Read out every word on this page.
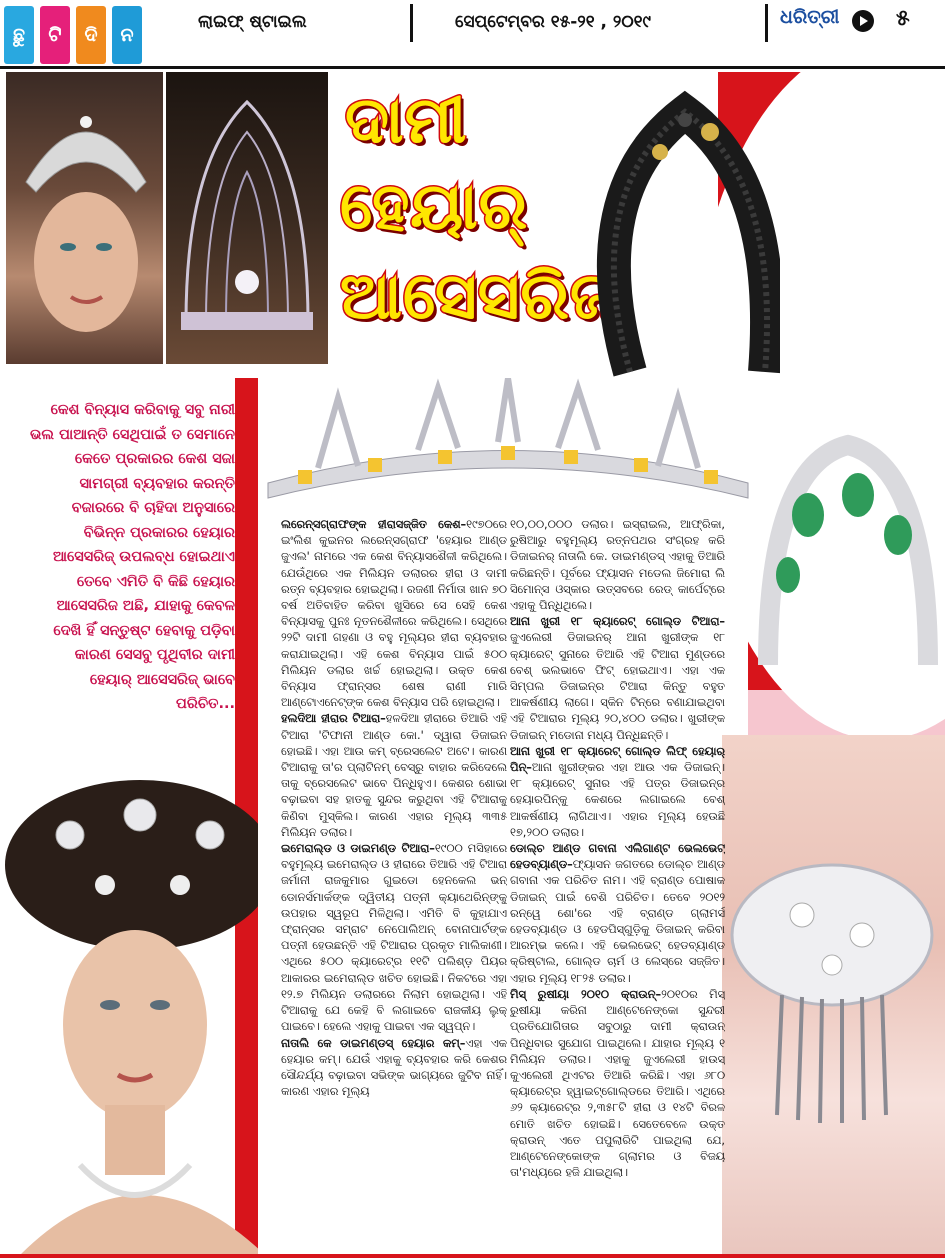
ଛୁ	ଟି	ଦି	ନ
ଲାଇଫ୍ ଷ୍ଟାଇଲ	ସେପ୍ଟେମ୍ବର ୧୫-୨୧ , ୨୦୧୯	ଧରିତ୍ରୀ	୫
ଦାମୀ
ହେୟାର୍
ଆସେସରିଜ୍
କେଶ ବିନ୍ୟାସ କରିବାକୁ ସବୁ ନାରୀ ଭଲ ପାଆନ୍ତି ସେଥିପାଇଁ ତ ସେମାନେ କେତେ ପ୍ରକାରର କେଶ ସଜା ସାମଗ୍ରୀ ବ୍ୟବହାର କରନ୍ତି ବଜାରରେ ବି ଚାହିଦା ଅନୁସାରେ ବିଭିନ୍ନ ପ୍ରକାରର ହେୟାର ଆସେସରିଜ୍ ଉପଲବ୍ଧ ହୋଇଥାଏ ତେବେ ଏମିତି ବି କିଛି ହେୟାର ଆସେସରିଜ ଅଛି, ଯାହାକୁ କେବଳ ଦେଖି ହିଁ ସନ୍ତୁଷ୍ଟ ହେବାକୁ ପଡ଼ିବା କାରଣ ସେସବୁ ପୃଥିବୀର ଦାମୀ ହେୟାର୍ ଆସେସରିଜ୍ ଭାବେ ପରିଚିତ...

ଲରେନ୍ସଗ୍ରାଫଙ୍କ ହୀରାସଜ୍ଜିତ କେଶ–୧୯୭୦ରେ ଇଂଲିଶ କୁଇନର ଲରେନ୍ସଗ୍ରାଫ 'ହେୟାର ଆଣ୍ଡ ଜୁଏଲ' ନାମରେ ଏକ କେଶ ବିନ୍ୟାସଶୈଳୀ କରିଥିଲେ। ଯେଉଁଥିରେ ଏକ ମିଲିୟନ ଡଲାରର ହୀରା ଓ ଦାମୀ ରତ୍ନ ବ୍ୟବହାର ହୋଇଥିଲା। ରଜଣୀ ନିର୍ମାତା ଖାନ ୭୦ ବର୍ଷ ଅତିବାହିତ କରିବା ଖୁସିରେ ସେ ସେହି କେଶ ବିନ୍ୟାସକୁ ପୁନଃ ନୂତନଶୈଳୀରେ କରିଥିଲେ। ସେଥିରେ ୨୨ଟି ଦାମୀ ଗହଣା ଓ ବହୁ ମୂଲ୍ୟର ହୀରା ବ୍ୟବହାର କରାଯାଇଥିଲା। ଏହି କେଶ ବିନ୍ୟାସ ପାଇଁ ୫୦୦ ମିଲିୟନ ଡଲାର ଖର୍ଚ୍ଚ ହୋଇଥିଲା। ଉକ୍ତ କେଶ ବିନ୍ୟାସ ଫ୍ରାନ୍ସର ଶେଷ ରାଣୀ ମାରି ଆଣ୍ଟୋଏନେଟ୍ଙ୍କ କେଶ ବିନ୍ୟାସ ପରି ହୋଇଥିଲା।

ହଲଦିଆ ହୀରାର ଟିଆରା–ହଳଦିଆ ହୀରାରେ ତିଆରି ଏହି ଟିଆରା 'ଟିଫାନୀ ଆଣ୍ଡ କୋ.' ଦ୍ୱାରା ଡିଜାଇନ ହୋଇଛି। ଏହା ଆଉ କମ୍ ବ୍ରେସଲେଟ ଅଟେ। କାରଣ ଟିଆରାକୁ ତା'ର ପ୍ଲାଟିନମ୍ ବେସ୍ରୁ ବାହାର କରିଦେଲେ ତାକୁ ବ୍ରେସଲେଟ ଭାବେ ପିନ୍ଧିହୁଏ। କେଶର ଶୋଭା ବଢ଼ାଇବା ସହ ହାତକୁ ସୁନ୍ଦର କରୁଥିବା ଏହି ଟିଆରାକୁ କିଣିବା ମୁସ୍କିଲ। କାରଣ ଏହାର ମୂଲ୍ୟ ୩୩୫ ମିଲିୟନ ଡଲାର।

ଇମେରାଲ୍ଡ ଓ ଡାଇମଣ୍ଡ ଟିଆରା–୧୯୦୦ ମସିହାରେ ବହୁମୂଲ୍ୟ ଇମେରାଲ୍ଡ ଓ ହୀରାରେ ତିଆରି ଏହି ଟିଆରା ଜର୍ମାନୀ ରାଜକୁମାର ଗୁଇଡୋ ହେନକେଲ ଭନ୍ ଡୋନର୍ସମାର୍କଙ୍କ ଦ୍ୱିତୀୟ ପତ୍ନୀ କ୍ୟାଥେରିନ୍ଙ୍କୁ ଉପହାର ସ୍ୱରୂପ ମିଳିଥିଲା। ଏମିତି ବି କୁହାଯାଏ ଫ୍ରାନ୍ସର ସମ୍ରାଟ ନେପୋଲିଅନ୍ ବୋନାପାର୍ଟଙ୍କ ପତ୍ନୀ ହେଉଛନ୍ତି ଏହି ଟିଆରାର ପ୍ରକୃତ ମାଲିକାଣୀ। ଏଥିରେ ୫୦୦ କ୍ୟାରେଟ୍ର ୧୧ଟି ପଲିଶ୍ଡ଼ ପିୟର ଆକାରର ଇମେରାଲ୍ଡ ଖଚିତ ହୋଇଛି। ନିକଟରେ ଏହା ୧୨.୭ ମିଲିୟନ ଡଲାରରେ ନିଲାମ ହୋଇଥିଲା। ଏହି ଟିଆରାକୁ ଯେ କେହି ବି ଲଗାଇବେ ରାଜକୀୟ ଲୁକ୍ ପାଇବେ। ହେଲେ ଏହାକୁ ପାଇବା ଏକ ସ୍ୱପ୍ନ।

ନାତାଲି କେ ଡାଇମଣ୍ଡସ୍ ହେୟାର କମ୍–ଏହା ଏକ ହେୟାର କମ୍। ଯେଉଁ ଏହାକୁ ବ୍ୟବହାର କରି କେଶର ସୌନ୍ଦର୍ଯ୍ୟ ବଢ଼ାଇବା ସଭିଙ୍କ ଭାଗ୍ୟରେ ଜୁଟିବ ନାହିଁ। କାରଣ ଏହାର ମୂଲ୍ୟ

୧୦,୦୦,୦୦୦ ଡଲାର। ଇସ୍ରାଇଲ, ଆଫ୍ରିକା, ରୁଷିଆରୁ ବହୁମୂଲ୍ୟ ରତ୍ନପଥର ସଂଗ୍ରହ କରି ଡିଜାଇନର୍ ନାତାଲି କେ. ଡାଇମଣ୍ଡସ୍ ଏହାକୁ ତିଆରି କରିଛନ୍ତି। ପୂର୍ବରେ ଫ୍ୟାସନ ମଡେଲ ଜିମୋରା ଲି ସିମୋନ୍ସ ଓସ୍କାର ଉତ୍ସବରେ ରେଡ୍ କାର୍ପେଟ୍ରେ ଏହାକୁ ପିନ୍ଧିଥିଲେ।

ଆନା ଖୁରୀ ୧୮ କ୍ୟାରେଟ୍ ଗୋଲ୍ଡ ଟିଆରା–ଜୁଏଲେରୀ ଡିଜାଇନର୍ ଆନା ଖୁରୀଙ୍କ ୧୮ କ୍ୟାରେଟ୍ ସୁନାରେ ତିଆରି ଏହି ଟିଆରା ମୁଣ୍ଡରେ ବେଶ୍ ଭଲଭାବେ ଫିଟ୍ ହୋଇଥାଏ। ଏହା ଏକ ସିମ୍ପଲ ଡିଜାଇନ୍ର ଟିଆରା କିନ୍ତୁ ବହୁତ ଆକର୍ଷଣୀୟ ଲାଗେ। ସ୍କିନ ଟିନ୍ରେ ବଣାଯାଇଥିବା ଏହି ଟିଆରାର ମୂଲ୍ୟ ୨୦,୪୦୦ ଡଲାର। ଖୁରୀଙ୍କ ଡିଜାଇନ୍ ମଡୋନା ମଧ୍ୟ ପିନ୍ଧିଛନ୍ତି।

ଆନା ଖୁରୀ ୧୮ କ୍ୟାରେଟ୍ ଗୋଲ୍ଡ ଲିଫ୍ ହେୟାର୍ ପିନ୍–ଆନା ଖୁରୀଙ୍କର ଏହା ଆଉ ଏକ ଡିଜାଇନ୍। ୧୮ କ୍ୟାରେଟ୍ ସୁନାର ଏହି ପତ୍ର ଡିଜାଇନ୍ର ହେୟାରପିନ୍କୁ କେଶରେ ଲଗାଇଲେ ବେଶ୍ ଆକର୍ଷଣୀୟ ଲାଗିଥାଏ। ଏହାର ମୂଲ୍ୟ ହେଉଛି ୧୭,୨୦୦ ଡଲାର।

ଡୋଲ୍ଚ ଆଣ୍ଡ ଗବାନା ଏଲିଗାଣ୍ଟ ଭେଲଭେଟ୍ ହେଡବ୍ୟାଣ୍ଡ–ଫ୍ୟାସନ ଜଗତରେ ଡୋଲ୍ଚ ଆଣ୍ଡ ଗବାନା ଏକ ପରିଚିତ ନାମ। ଏହି ବ୍ରାଣ୍ଡ ପୋଷାକ ଡିଜାଇନ୍ ପାଇଁ ବେଶି ପରିଚିତ। ତେବେ ୨୦୧୨ ରନ୍ୱେ ଶୋ'ରେ ଏହି ବ୍ରାଣ୍ଡ ଗ୍ଲାମର୍ସ ହେଡବ୍ୟାଣ୍ଡ ଓ ହେଡପିସ୍ଗୁଡ଼ିକୁ ଡିଜାଇନ୍ କରିବା ଆରମ୍ଭ କଲେ। ଏହି ଭେଲଭେଟ୍ ହେଡବ୍ୟାଣ୍ଡ କ୍ରିଷ୍ଟାଲ, ଗୋଲ୍ଡ ଚାର୍ମ ଓ ଲେସ୍ରେ ସଜ୍ଜିତ। ଏହାର ମୂଲ୍ୟ ୧୮୨୫ ଡଲାର।

ମିସ୍ ରୁଷୀୟା ୨୦୧୦ କ୍ରାଉନ୍–୨୦୧୦ର ମିସ୍ ରୁଷୀୟା କରିନା ଆଣ୍ଟେନେଙ୍କୋ ସୁନ୍ଦରୀ ପ୍ରତିଯୋଗିତାର ସବୁଠାରୁ ଦାମୀ କ୍ରାଉନ୍ ପିନ୍ଧିବାର ସୁଯୋଗ ପାଇଥିଲେ। ଯାହାର ମୂଲ୍ୟ ୧ ମିଲିୟନ ଡଲାର। ଏହାକୁ ଜୁଏଲେରୀ ହାଉସ୍ କୁଏଲେରୀ ଥିଏଟର ତିଆରି କରିଛି। ଏହା ୬୮୦ କ୍ୟାରେଟ୍ର ହ୍ୱାଇଟ୍ଗୋଲ୍ଡରେ ତିଆରି। ଏଥିରେ ୬୨ କ୍ୟାରେଟ୍ର ୨,୩୫୮ଟି ହୀରା ଓ ୧୪ଟି ବିରଳ ମୋତି ଖଚିତ ହୋଇଛି। ସେତେବେଳେ ଉକ୍ତ କ୍ରାଉନ୍ ଏତେ ପପୁଲାରିଟି ପାଇଥିଲା ଯେ, ଆଣ୍ଟେନେଙ୍କୋଙ୍କ ଗ୍ଲାମର ଓ ବିଜୟ ତା'ମଧ୍ୟରେ ହଜି ଯାଇଥିଲା।
